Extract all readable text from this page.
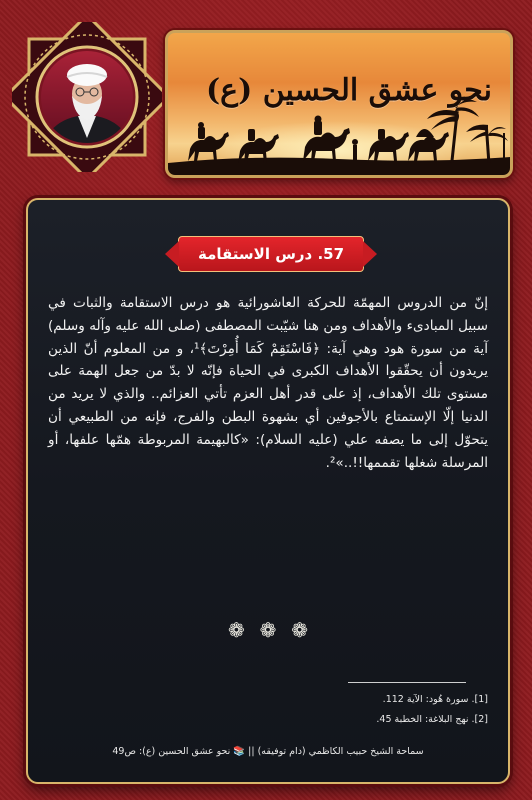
نحو عشق الحسين (ع)
57. درس الاستقامة

إنّ من الدروس المهمّة للحركة العاشورائية هو درس الاستقامة والثبات في سبيل المبادىء والأهداف ومن هنا شيّبت المصطفى (صلى الله عليه وآله وسلم) آية من سورة هود وهي آية: ﴿فَاسْتَقِمْ كَمَا أُمِرْتَ﴾¹، و من المعلوم أنّ الذين يريدون أن يحقّقوا الأهداف الكبرى في الحياة فإنّه لا بدّ من جعل الهمة على مستوى تلك الأهداف، إذ على قدر أهل العزم تأتي العزائم.. والذي لا يريد من الدنيا إلّا الإستمتاع بالأجوفين أي بشهوة البطن والفرج، فإنه من الطبيعي أن يتحوّل إلى ما يصفه علي (عليه السلام): «كالبهيمة المربوطة همّها علفها، أو المرسلة شغلها تقممها!!..»².

❁ ❁ ❁

[1]. سورة هُود: الآية 112.

[2]. نهج البلاغة: الخطبة 45.

سماحة الشيخ حبيب الكاظمي (دام توفيقه) || 📚 نحو عشق الحسين (ع): ص49
